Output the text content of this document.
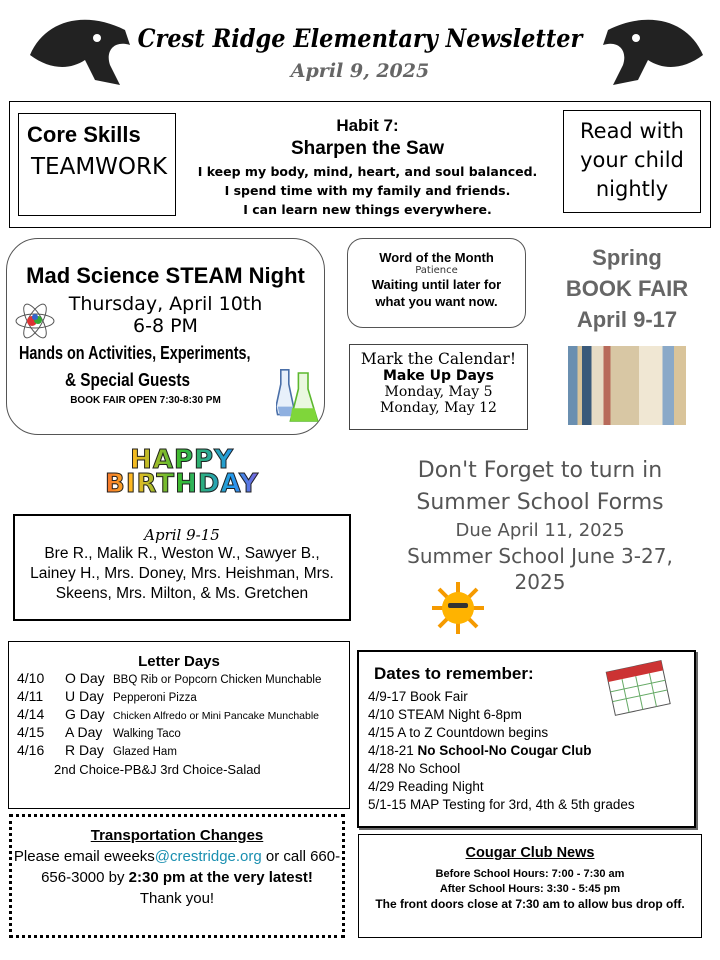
Crest Ridge Elementary Newsletter
April 9, 2025
Core Skills
TEAMWORK
Habit 7:
Sharpen the Saw
I keep my body, mind, heart, and soul balanced.
I spend time with my family and friends.
I can learn new things everywhere.
Read with your child nightly
Mad Science STEAM Night
Thursday, April 10th
6-8 PM
Hands on Activities, Experiments,
& Special Guests
BOOK FAIR OPEN 7:30-8:30 PM
Word of the Month
Patience
Waiting until later for what you want now.
Mark the Calendar!
Make Up Days
Monday, May 5
Monday, May 12
Spring
BOOK FAIR
April 9-17
HAPPY BIRTHDAY
April 9-15
Bre R., Malik R., Weston W., Sawyer B., Lainey H., Mrs. Doney, Mrs. Heishman, Mrs. Skeens, Mrs. Milton, & Ms. Gretchen
Don't Forget to turn in Summer School Forms
Due April 11, 2025
Summer School June 3-27, 2025
Letter Days
4/10	O Day BBQ Rib or Popcorn Chicken Munchable
4/11	U Day Pepperoni Pizza
4/14	G Day Chicken Alfredo or Mini Pancake Munchable
4/15	A Day Walking Taco
4/16	R Day Glazed Ham
2nd Choice-PB&J 3rd Choice-Salad
Dates to remember:
4/9-17 Book Fair
4/10 STEAM Night 6-8pm
4/15 A to Z Countdown begins
4/18-21 No School-No Cougar Club
4/28 No School
4/29 Reading Night
5/1-15 MAP Testing for 3rd, 4th & 5th grades
Transportation Changes
Please email eweeks@crestridge.org or call 660-656-3000 by 2:30 pm at the very latest!
Thank you!
Cougar Club News
Before School Hours: 7:00 - 7:30 am
After School Hours: 3:30 - 5:45 pm
The front doors close at 7:30 am to allow bus drop off.
